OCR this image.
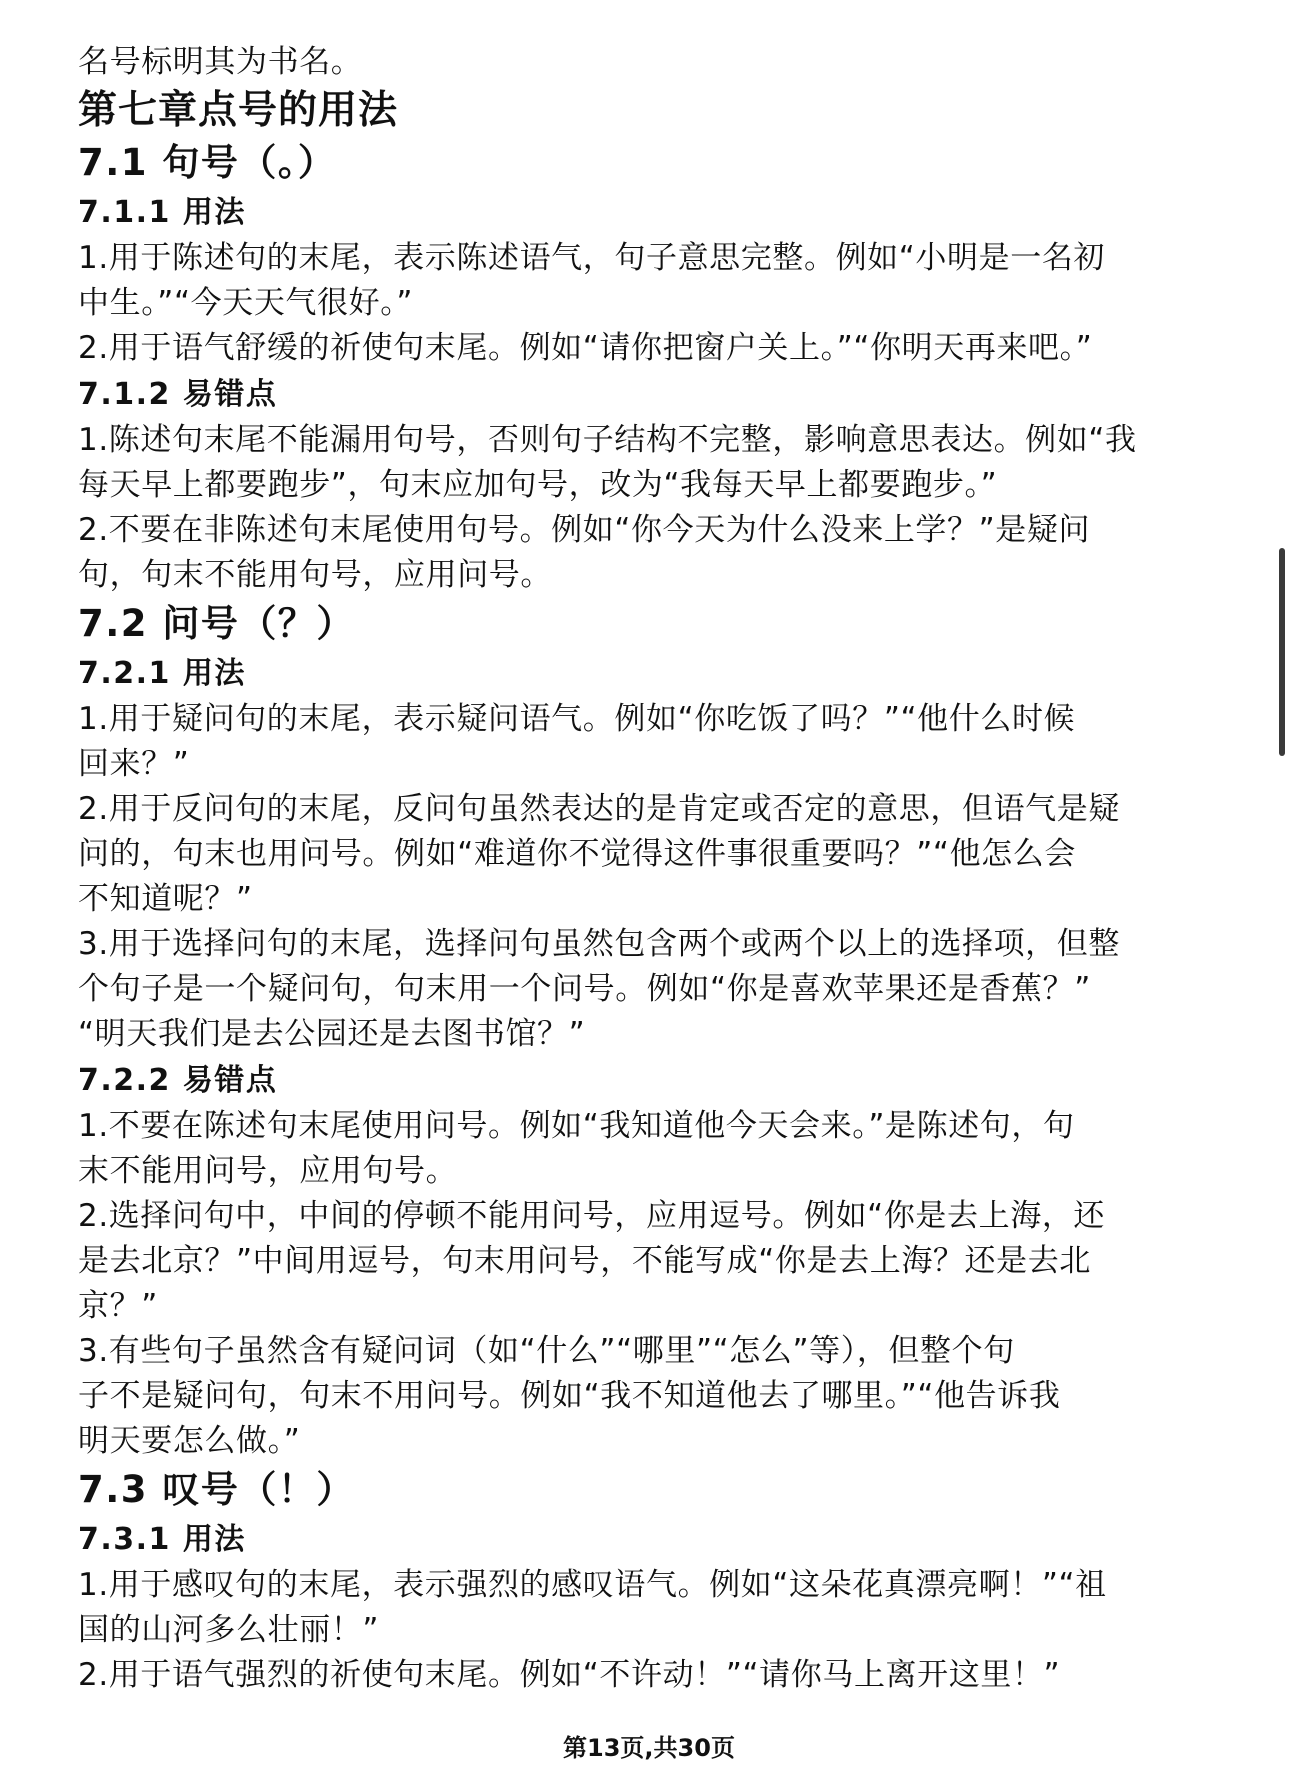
名号标明其为书名。
第七章点号的用法
7.1 句号（。）
7.1.1 用法
1.用于陈述句的末尾，表示陈述语气，句子意思完整。例如“小明是一名初
中生。”“今天天气很好。”
2.用于语气舒缓的祈使句末尾。例如“请你把窗户关上。”“你明天再来吧。”
7.1.2 易错点
1.陈述句末尾不能漏用句号，否则句子结构不完整，影响意思表达。例如“我
每天早上都要跑步”，句末应加句号，改为“我每天早上都要跑步。”
2.不要在非陈述句末尾使用句号。例如“你今天为什么没来上学？”是疑问
句，句末不能用句号，应用问号。
7.2 问号（？）
7.2.1 用法
1.用于疑问句的末尾，表示疑问语气。例如“你吃饭了吗？”“他什么时候
回来？”
2.用于反问句的末尾，反问句虽然表达的是肯定或否定的意思，但语气是疑
问的，句末也用问号。例如“难道你不觉得这件事很重要吗？”“他怎么会
不知道呢？”
3.用于选择问句的末尾，选择问句虽然包含两个或两个以上的选择项，但整
个句子是一个疑问句，句末用一个问号。例如“你是喜欢苹果还是香蕉？”
“明天我们是去公园还是去图书馆？”
7.2.2 易错点
1.不要在陈述句末尾使用问号。例如“我知道他今天会来。”是陈述句，句
末不能用问号，应用句号。
2.选择问句中，中间的停顿不能用问号，应用逗号。例如“你是去上海，还
是去北京？”中间用逗号，句末用问号，不能写成“你是去上海？还是去北
京？”
3.有些句子虽然含有疑问词（如“什么”“哪里”“怎么”等），但整个句
子不是疑问句，句末不用问号。例如“我不知道他去了哪里。”“他告诉我
明天要怎么做。”
7.3 叹号（！）
7.3.1 用法
1.用于感叹句的末尾，表示强烈的感叹语气。例如“这朵花真漂亮啊！”“祖
国的山河多么壮丽！”
2.用于语气强烈的祈使句末尾。例如“不许动！”“请你马上离开这里！”
第13页,共30页
